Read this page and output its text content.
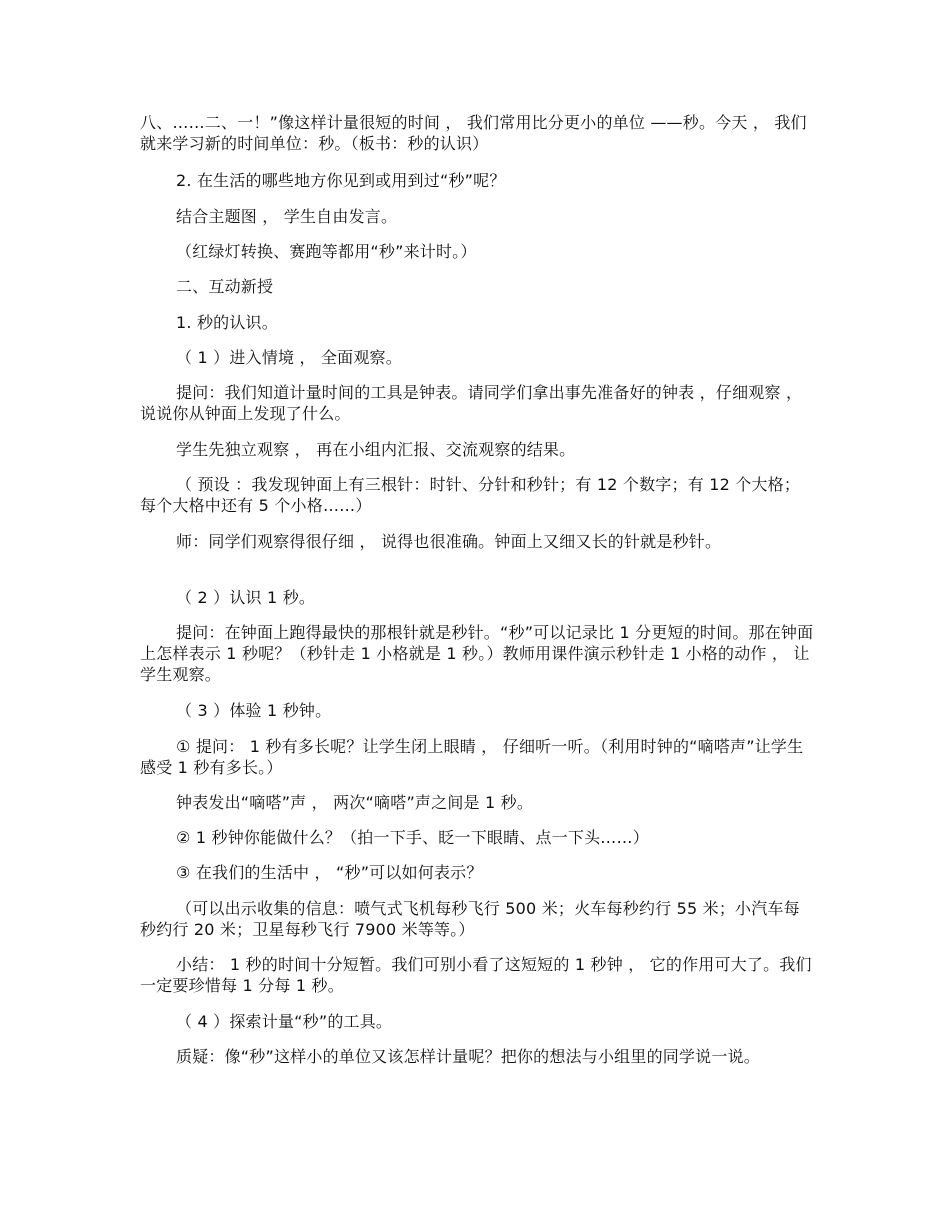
八、……二、一！”像这样计量很短的时间 ， 我们常用比分更小的单位 ——秒。今天 ， 我们就来学习新的时间单位：秒。（板书：秒的认识）

2. 在生活的哪些地方你见到或用到过“秒”呢？

结合主题图 ， 学生自由发言。

（红绿灯转换、赛跑等都用“秒”来计时。）

二、互动新授

1. 秒的认识。

（ 1 ）进入情境 ， 全面观察。

提问：我们知道计量时间的工具是钟表。请同学们拿出事先准备好的钟表 ，仔细观察 ， 说说你从钟面上发现了什么。

学生先独立观察 ， 再在小组内汇报、交流观察的结果。

（ 预设 ：我发现钟面上有三根针：时针、分针和秒针；有 12 个数字；有 12 个大格；每个大格中还有 5 个小格……）

师：同学们观察得很仔细 ， 说得也很准确。钟面上又细又长的针就是秒针。

（ 2 ）认识 1 秒。

提问：在钟面上跑得最快的那根针就是秒针。“秒”可以记录比 1 分更短的时间。那在钟面上怎样表示 1 秒呢？（秒针走 1 小格就是 1 秒。）教师用课件演示秒针走 1 小格的动作 ， 让学生观察。

（ 3 ）体验 1 秒钟。

① 提问： 1 秒有多长呢？让学生闭上眼睛 ， 仔细听一听。（利用时钟的“嘀嗒声”让学生感受 1 秒有多长。）

钟表发出“嘀嗒”声 ， 两次“嘀嗒”声之间是 1 秒。

② 1 秒钟你能做什么？（拍一下手、眨一下眼睛、点一下头……）

③ 在我们的生活中 ， “秒”可以如何表示？

（可以出示收集的信息：喷气式飞机每秒飞行 500 米；火车每秒约行 55 米；小汽车每秒约行 20 米；卫星每秒飞行 7900 米等等。）

小结： 1 秒的时间十分短暂。我们可别小看了这短短的 1 秒钟 ， 它的作用可大了。我们一定要珍惜每 1 分每 1 秒。

（ 4 ）探索计量“秒”的工具。

质疑：像“秒”这样小的单位又该怎样计量呢？把你的想法与小组里的同学说一说。
